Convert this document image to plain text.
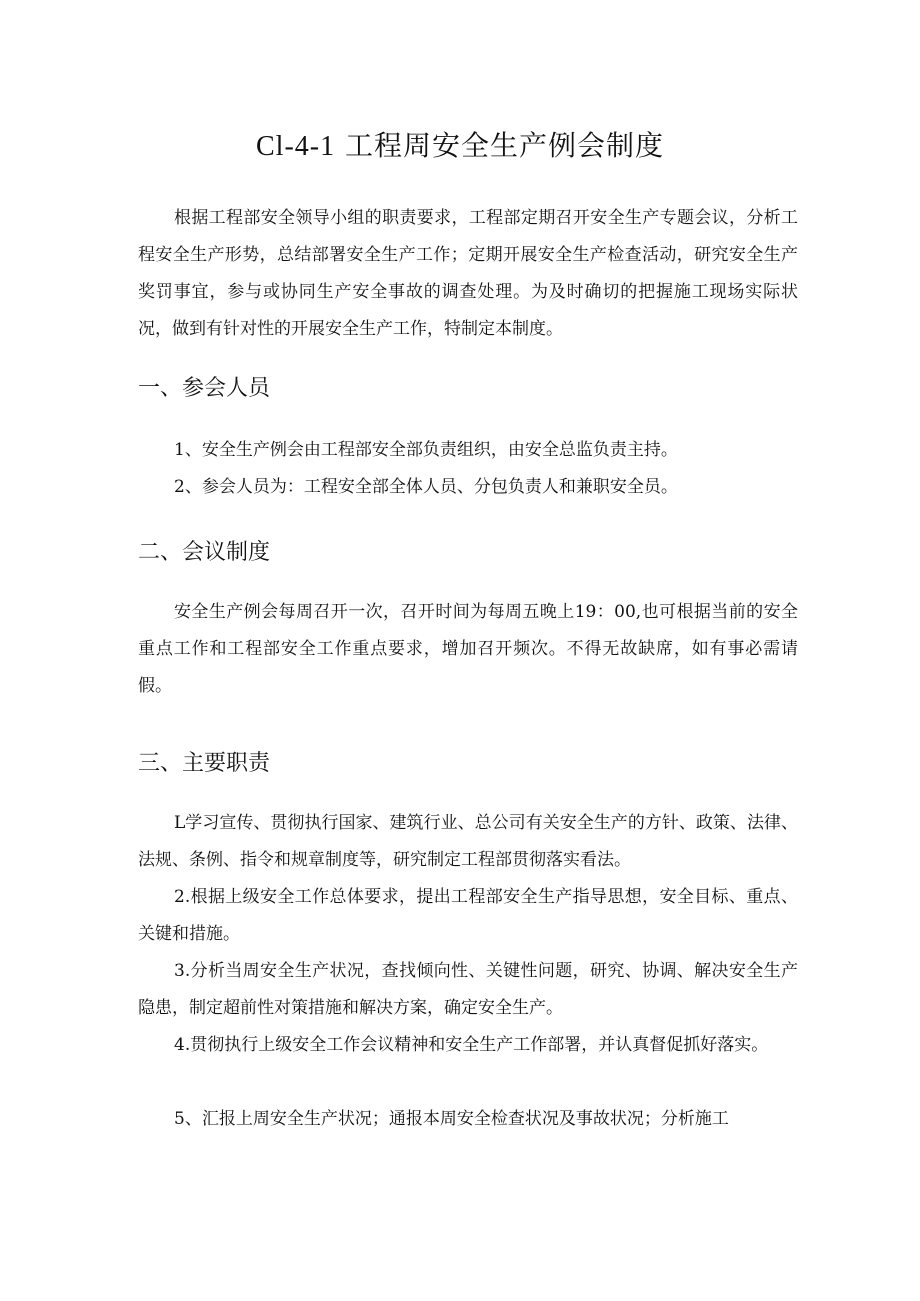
Cl-4-1 工程周安全生产例会制度

根据工程部安全领导小组的职责要求，工程部定期召开安全生产专题会议，分析工程安全生产形势，总结部署安全生产工作；定期开展安全生产检查活动，研究安全生产奖罚事宜，参与或协同生产安全事故的调查处理。为及时确切的把握施工现场实际状况，做到有针对性的开展安全生产工作，特制定本制度。

一、参会人员

1、安全生产例会由工程部安全部负责组织，由安全总监负责主持。

2、参会人员为：工程安全部全体人员、分包负责人和兼职安全员。

二、会议制度

安全生产例会每周召开一次，召开时间为每周五晚上19：00,也可根据当前的安全重点工作和工程部安全工作重点要求，增加召开频次。不得无故缺席，如有事必需请假。

三、主要职责

L学习宣传、贯彻执行国家、建筑行业、总公司有关安全生产的方针、政策、法律、法规、条例、指令和规章制度等，研究制定工程部贯彻落实看法。

2.根据上级安全工作总体要求，提出工程部安全生产指导思想，安全目标、重点、关键和措施。

3.分析当周安全生产状况，查找倾向性、关键性问题，研究、协调、解决安全生产隐患，制定超前性对策措施和解决方案，确定安全生产。

4.贯彻执行上级安全工作会议精神和安全生产工作部署，并认真督促抓好落实。

5、汇报上周安全生产状况；通报本周安全检查状况及事故状况；分析施工
